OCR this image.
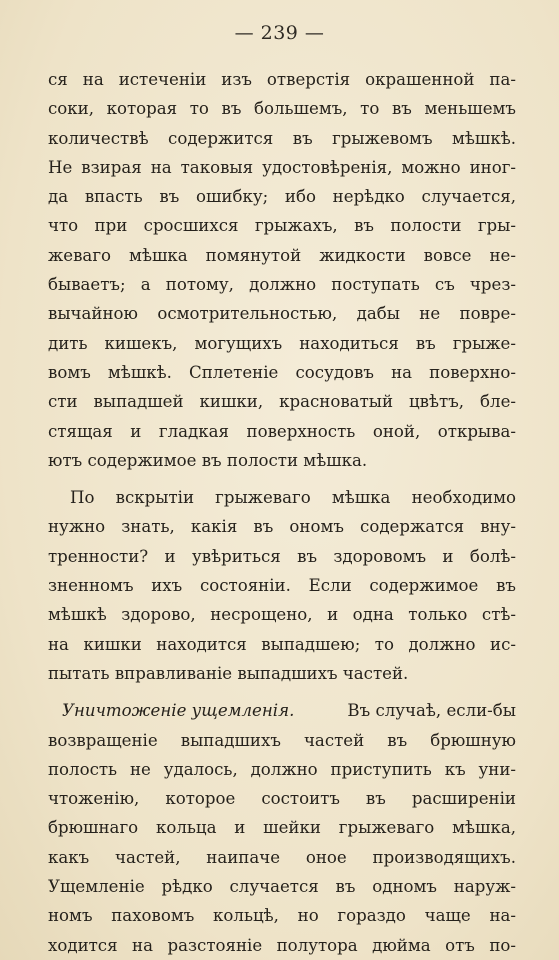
— 239 —
ся на истеченіи изъ отверстія окрашенной па-
соки, которая то въ большемъ, то въ меньшемъ
количествѣ содержится въ грыжевомъ мѣшкѣ.
Не взирая на таковыя удостовѣренія, можно иног-
да впасть въ ошибку; ибо нерѣдко случается,
что при сросшихся грыжахъ, въ полости гры-
жеваго мѣшка помянутой жидкости вовсе не-
бываетъ; а потому, должно поступать съ чрез-
вычайною осмотрительностью, дабы не повре-
дить кишекъ, могущихъ находиться въ грыже-
вомъ мѣшкѣ. Сплетеніе сосудовъ на поверхно-
сти выпадшей кишки, красноватый цвѣтъ, бле-
стящая и гладкая поверхность оной, открыва-
ютъ содержимое въ полости мѣшка.
По вскрытіи грыжеваго мѣшка необходимо
нужно знать, какія въ ономъ содержатся вну-
тренности? и увѣриться въ здоровомъ и болѣ-
зненномъ ихъ состояніи. Если содержимое въ
мѣшкѣ здорово, несрощено, и одна только стѣ-
на кишки находится выпадшею; то должно ис-
пытать вправливаніе выпадшихъ частей.
Уничтоженіе ущемленія.	Въ случаѣ, если-бы
возвращеніе выпадшихъ частей въ брюшную
полость не удалось, должно приступить къ уни-
чтоженію, которое состоитъ въ расширеніи
брюшнаго кольца и шейки грыжеваго мѣшка,
какъ частей, наипаче оное производящихъ.
Ущемленіе рѣдко случается въ одномъ наруж-
номъ паховомъ кольцѣ, но гораздо чаще на-
ходится на разстояніе полутора дюйма отъ по-
